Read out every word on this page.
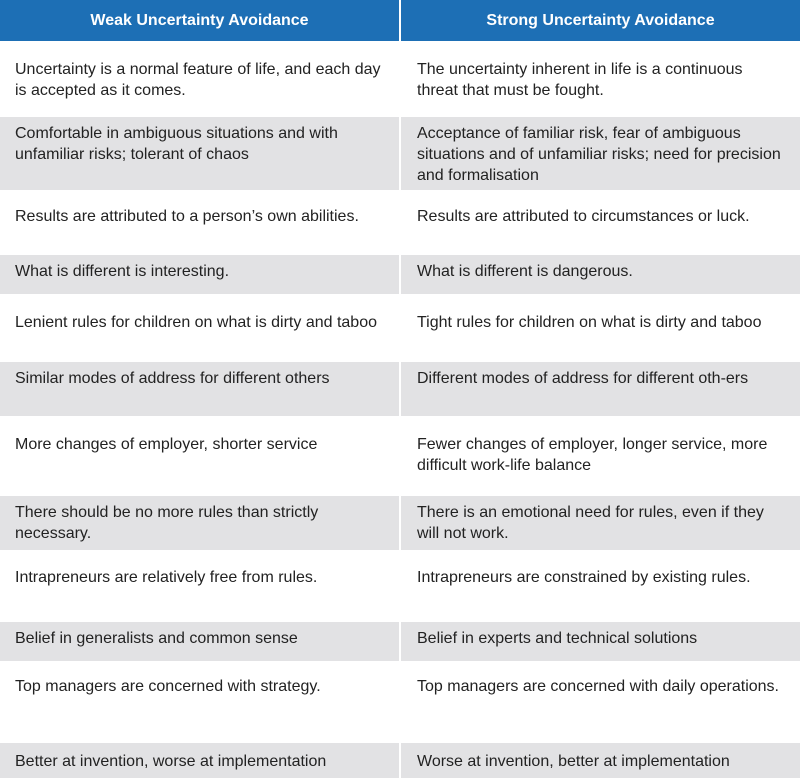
Weak Uncertainty Avoidance	Strong Uncertainty Avoidance
Uncertainty is a normal feature of life, and each day is accepted as it comes.	The uncertainty inherent in life is a continuous threat that must be fought.
Comfortable in ambiguous situations and with unfamiliar risks; tolerant of chaos	Acceptance of familiar risk, fear of ambiguous situations and of unfamiliar risks; need for precision and formalisation
Results are attributed to a person’s own abilities.	Results are attributed to circumstances or luck.
What is different is interesting.	What is different is dangerous.
Lenient rules for children on what is dirty and taboo	Tight rules for children on what is dirty and taboo
Similar modes of address for different others	Different modes of address for different oth-ers
More changes of employer, shorter service	Fewer changes of employer, longer service, more difficult work-life balance
There should be no more rules than strictly necessary.	There is an emotional need for rules, even if they will not work.
Intrapreneurs are relatively free from rules.	Intrapreneurs are constrained by existing rules.
Belief in generalists and common sense	Belief in experts and technical solutions
Top managers are concerned with strategy.	Top managers are concerned with daily operations.
Better at invention, worse at implementation	Worse at invention, better at implementation
